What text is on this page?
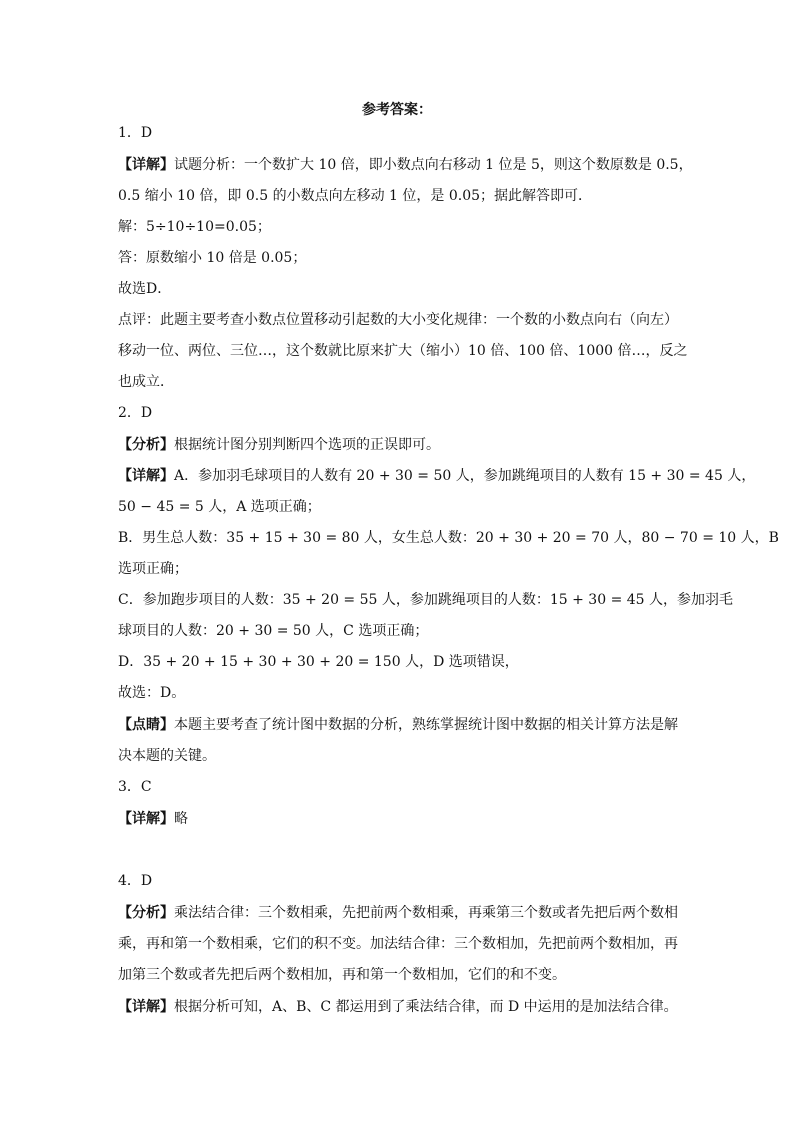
参考答案：
1．D
【详解】试题分析：一个数扩大 10 倍，即小数点向右移动 1 位是 5，则这个数原数是 0.5，
0.5 缩小 10 倍，即 0.5 的小数点向左移动 1 位，是 0.05；据此解答即可．
解：5÷10÷10=0.05；
答：原数缩小 10 倍是 0.05；
故选D．
点评：此题主要考查小数点位置移动引起数的大小变化规律：一个数的小数点向右（向左）
移动一位、两位、三位…，这个数就比原来扩大（缩小）10 倍、100 倍、1000 倍…，反之
也成立．
2．D
【分析】根据统计图分别判断四个选项的正误即可。
【详解】A．参加羽毛球项目的人数有 20 + 30 = 50 人，参加跳绳项目的人数有 15 + 30 = 45 人，
50 − 45 = 5 人，A 选项正确；
B．男生总人数：35 + 15 + 30 = 80 人，女生总人数：20 + 30 + 20 = 70 人，80 − 70 = 10 人，B
选项正确；
C．参加跑步项目的人数：35 + 20 = 55 人，参加跳绳项目的人数：15 + 30 = 45 人，参加羽毛
球项目的人数：20 + 30 = 50 人，C 选项正确；
D．35 + 20 + 15 + 30 + 30 + 20 = 150 人，D 选项错误，
故选：D。
【点睛】本题主要考查了统计图中数据的分析，熟练掌握统计图中数据的相关计算方法是解
决本题的关键。
3．C
【详解】略
4．D
【分析】乘法结合律：三个数相乘，先把前两个数相乘，再乘第三个数或者先把后两个数相
乘，再和第一个数相乘，它们的积不变。加法结合律：三个数相加，先把前两个数相加，再
加第三个数或者先把后两个数相加，再和第一个数相加，它们的和不变。
【详解】根据分析可知，A、B、C 都运用到了乘法结合律，而 D 中运用的是加法结合律。
